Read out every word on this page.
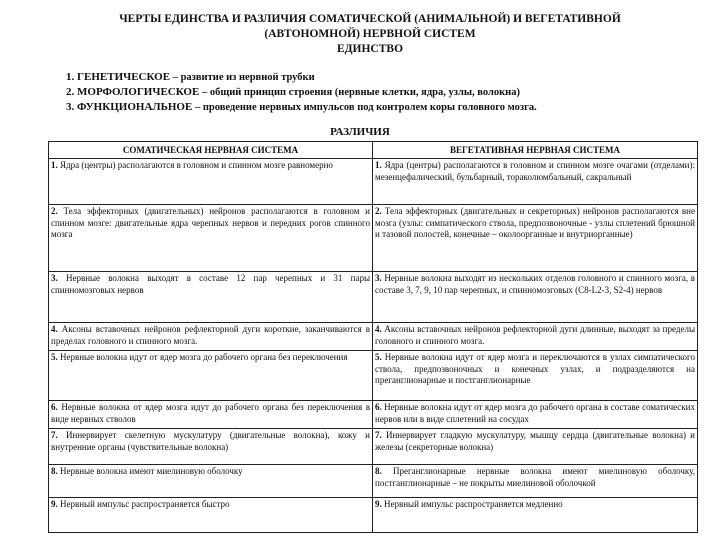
ЧЕРТЫ ЕДИНСТВА И РАЗЛИЧИЯ СОМАТИЧЕСКОЙ (АНИМАЛЬНОЙ) И ВЕГЕТАТИВНОЙ
(АВТОНОМНОЙ) НЕРВНОЙ СИСТЕМ
ЕДИНСТВО
1. ГЕНЕТИЧЕСКОЕ – развитие из нервной трубки
2. МОРФОЛОГИЧЕСКОЕ – общий принцип строения (нервные клетки, ядра, узлы, волокна)
3. ФУНКЦИОНАЛЬНОЕ – проведение нервных импульсов под контролем коры головного мозга.
РАЗЛИЧИЯ
СОМАТИЧЕСКАЯ НЕРВНАЯ СИСТЕМА	ВЕГЕТАТИВНАЯ НЕРВНАЯ СИСТЕМА
1. Ядра (центры) располагаются в головном и спинном мозге равномерно	1. Ядра (центры) располагаются в головном и спинном мозге очагами (отделами): мезенцефалический, бульбарный, тораколюмбальный, сакральный
2. Тела эффекторных (двигательных) нейронов располагаются в головном и спинном мозге: двигательные ядра черепных нервов и передних рогов спинного мозга	2. Тела эффекторных (двигательных и секреторных) нейронов располагаются вне мозга (узлы: симпатического ствола, предпозвоночные - узлы сплетений брюшной и тазовой полостей, конечные – околоорганные и внутриорганные)
3. Нервные волокна выходят в составе 12 пар черепных и 31 пары спинномозговых нервов	3. Нервные волокна выходят из нескольких отделов головного и спинного мозга, в составе 3, 7, 9, 10 пар черепных, и спинномозговых (C8-L2-3, S2-4) нервов
4. Аксоны вставочных нейронов рефлекторной дуги короткие, заканчиваются в пределах головного и спинного мозга.	4. Аксоны вставочных нейронов рефлекторной дуги длинные, выходят за пределы головного и спинного мозга.
5. Нервные волокна идут от ядер мозга до рабочего органа без переключения	5. Нервные волокна идут от ядер мозга и переключаются в узлах симпатического ствола, предпозвоночных и конечных узлах, и подразделяются на преганглионарные и постганглионарные
6. Нервные волокна от ядер мозга идут до рабочего органа без переключения в виде нервных стволов	6. Нервные волокна идут от ядер мозга до рабочего органа в составе соматических нервов или в виде сплетений на сосудах
7. Иннервирует скелетную мускулатуру (двигательные волокна), кожу и внутренние органы (чувствительные волокна)	7. Иннервирует гладкую мускулатуру, мышцу сердца (двигательные волокна) и железы (секреторные волокна)
8. Нервные волокна имеют миелиновую оболочку	8. Преганглионарные нервные волокна имеют миелиновую оболочку, постганглионарные – не покрыты миелиновой оболочкой
9. Нервный импульс распространяется быстро	9. Нервный импульс распространяется медленно
